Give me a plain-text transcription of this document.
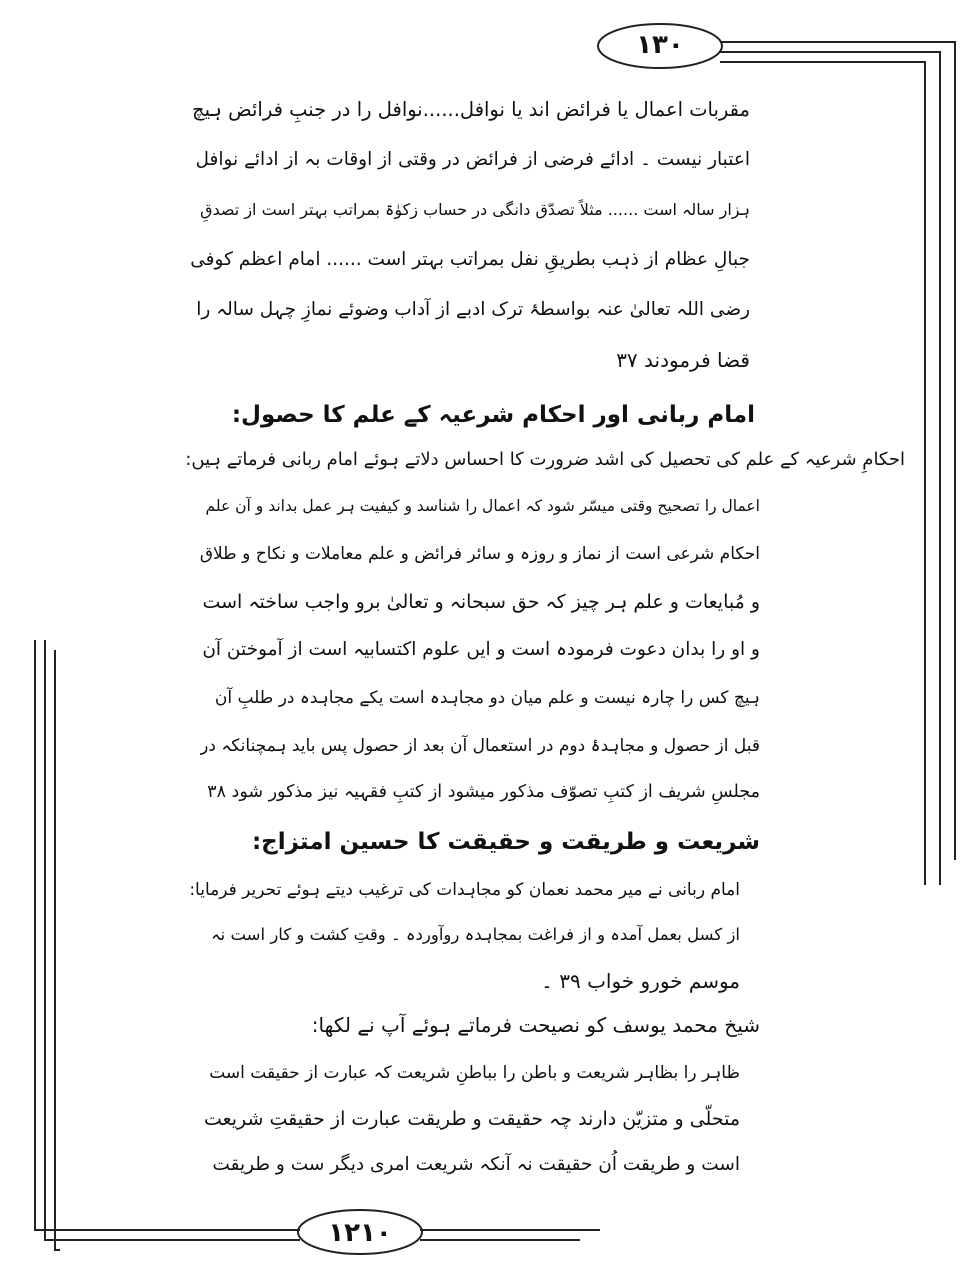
۱۳۰
۱۲۱۰
مقربات اعمال یا فرائض اند یا نوافل......نوافل را در جنبِ فرائض ہیچ
اعتبار نیست ۔ ادائے فرضی از فرائض در وقتی از اوقات بہ از ادائے نوافل
ہزار سالہ است ...... مثلاً تصدّق دانگی در حساب زکوٰۃ بمراتب بہتر است از تصدقِ
جبالِ عظام از ذہب بطریقِ نفل بمراتب بہتر است ...... امام اعظم کوفی
رضی اللہ تعالیٰ عنہ بواسطۂ ترک ادبے از آداب وضوئے نمازِ چہل سالہ را
قضا فرمودند ۳۷
امام ربانی اور احکام شرعیہ کے علم کا حصول:
احکامِ شرعیہ کے علم کی تحصیل کی اشد ضرورت کا احساس دلاتے ہوئے امام ربانی فرماتے ہیں:
اعمال را تصحیح وقتی میسّر شود کہ اعمال را شناسد و کیفیت ہر عمل بداند و آن علم
احکام شرعی است از نماز و روزہ و سائر فرائض و علم معاملات و نکاح و طلاق
و مُبایعات و علم ہر چیز کہ حق سبحانہ و تعالیٰ برو واجب ساختہ است
و او را بدان دعوت فرمودہ است و ایں علوم اکتسابیہ است از آموختن آن
ہیچ کس را چارہ نیست و علم میان دو مجاہدہ است یکے مجاہدہ در طلبِ آن
قبل از حصول و مجاہدۂ دوم در استعمال آن بعد از حصول پس باید ہمچنانکہ در
مجلسِ شریف از کتبِ تصوّف مذکور میشود از کتبِ فقہیہ نیز مذکور شود ۳۸
شریعت و طریقت و حقیقت کا حسین امتزاج:
امام ربانی نے میر محمد نعمان کو مجاہدات کی ترغیب دیتے ہوئے تحریر فرمایا:
از کسل بعمل آمدہ و از فراغت بمجاہدہ روآوردہ ۔ وقتِ کشت و کار است نہ
موسم خورو خواب ۳۹ ۔
شیخ محمد یوسف کو نصیحت فرماتے ہوئے آپ نے لکھا:
ظاہر را بظاہر شریعت و باطن را بباطنِ شریعت کہ عبارت از حقیقت است
متحلّی و متزیّن دارند چہ حقیقت و طریقت عبارت از حقیقتِ شریعت
است و طریقت اُن حقیقت نہ آنکہ شریعت امری دیگر ست و طریقت
